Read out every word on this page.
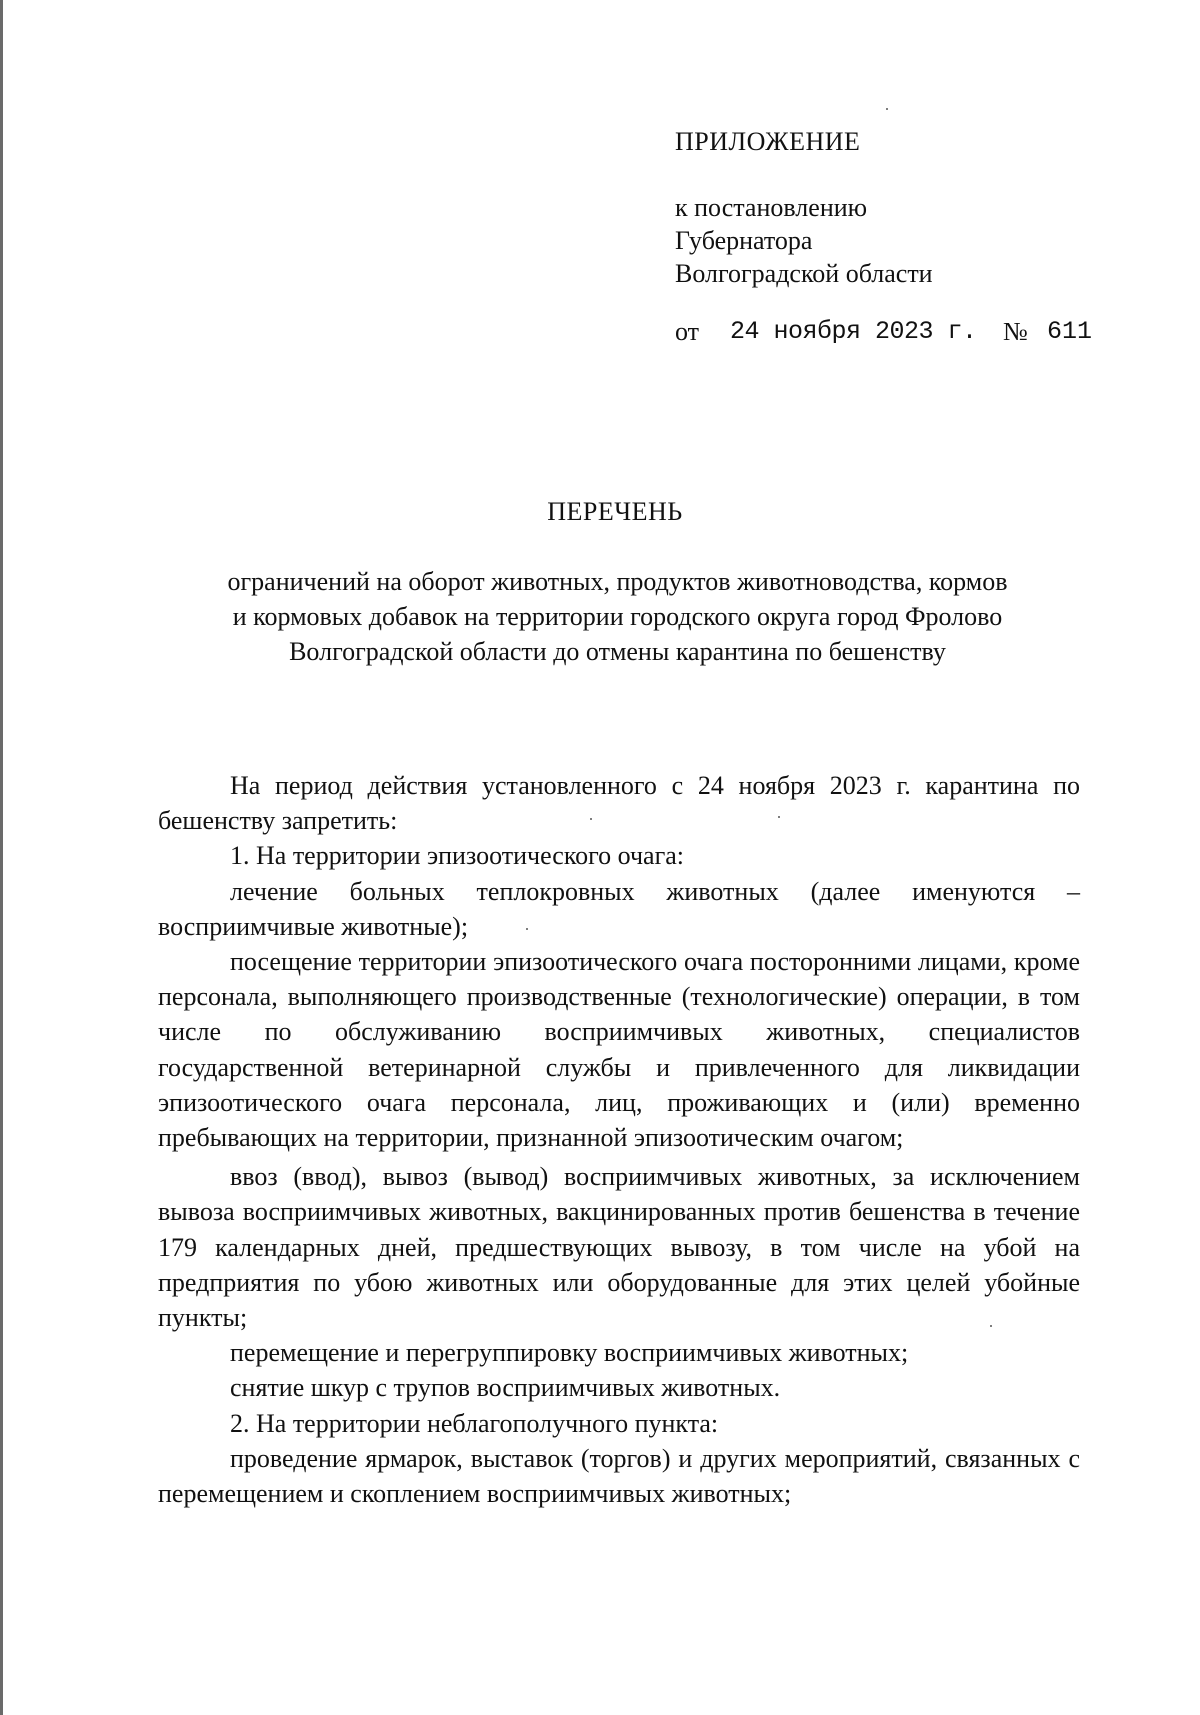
ПРИЛОЖЕНИЕ
к постановлению
Губернатора
Волгоградской области
от 24 ноября 2023 г. № 611
ПЕРЕЧЕНЬ
ограничений на оборот животных, продуктов животноводства, кормов
и кормовых добавок на территории городского округа город Фролово
Волгоградской области до отмены карантина по бешенству

На период действия установленного с 24 ноября 2023 г. карантина по бешенству запретить:

1. На территории эпизоотического очага:

лечение больных теплокровных животных (далее именуются – восприимчивые животные);

посещение территории эпизоотического очага посторонними лицами, кроме персонала, выполняющего производственные (технологические) операции, в том числе по обслуживанию восприимчивых животных, специалистов государственной ветеринарной службы и привлеченного для ликвидации эпизоотического очага персонала, лиц, проживающих и (или) временно пребывающих на территории, признанной эпизоотическим очагом;

ввоз (ввод), вывоз (вывод) восприимчивых животных, за исключением вывоза восприимчивых животных, вакцинированных против бешенства в течение 179 календарных дней, предшествующих вывозу, в том числе на убой на предприятия по убою животных или оборудованные для этих целей убойные пункты;

перемещение и перегруппировку восприимчивых животных;

снятие шкур с трупов восприимчивых животных.

2. На территории неблагополучного пункта:

проведение ярмарок, выставок (торгов) и других мероприятий, связанных с перемещением и скоплением восприимчивых животных;
